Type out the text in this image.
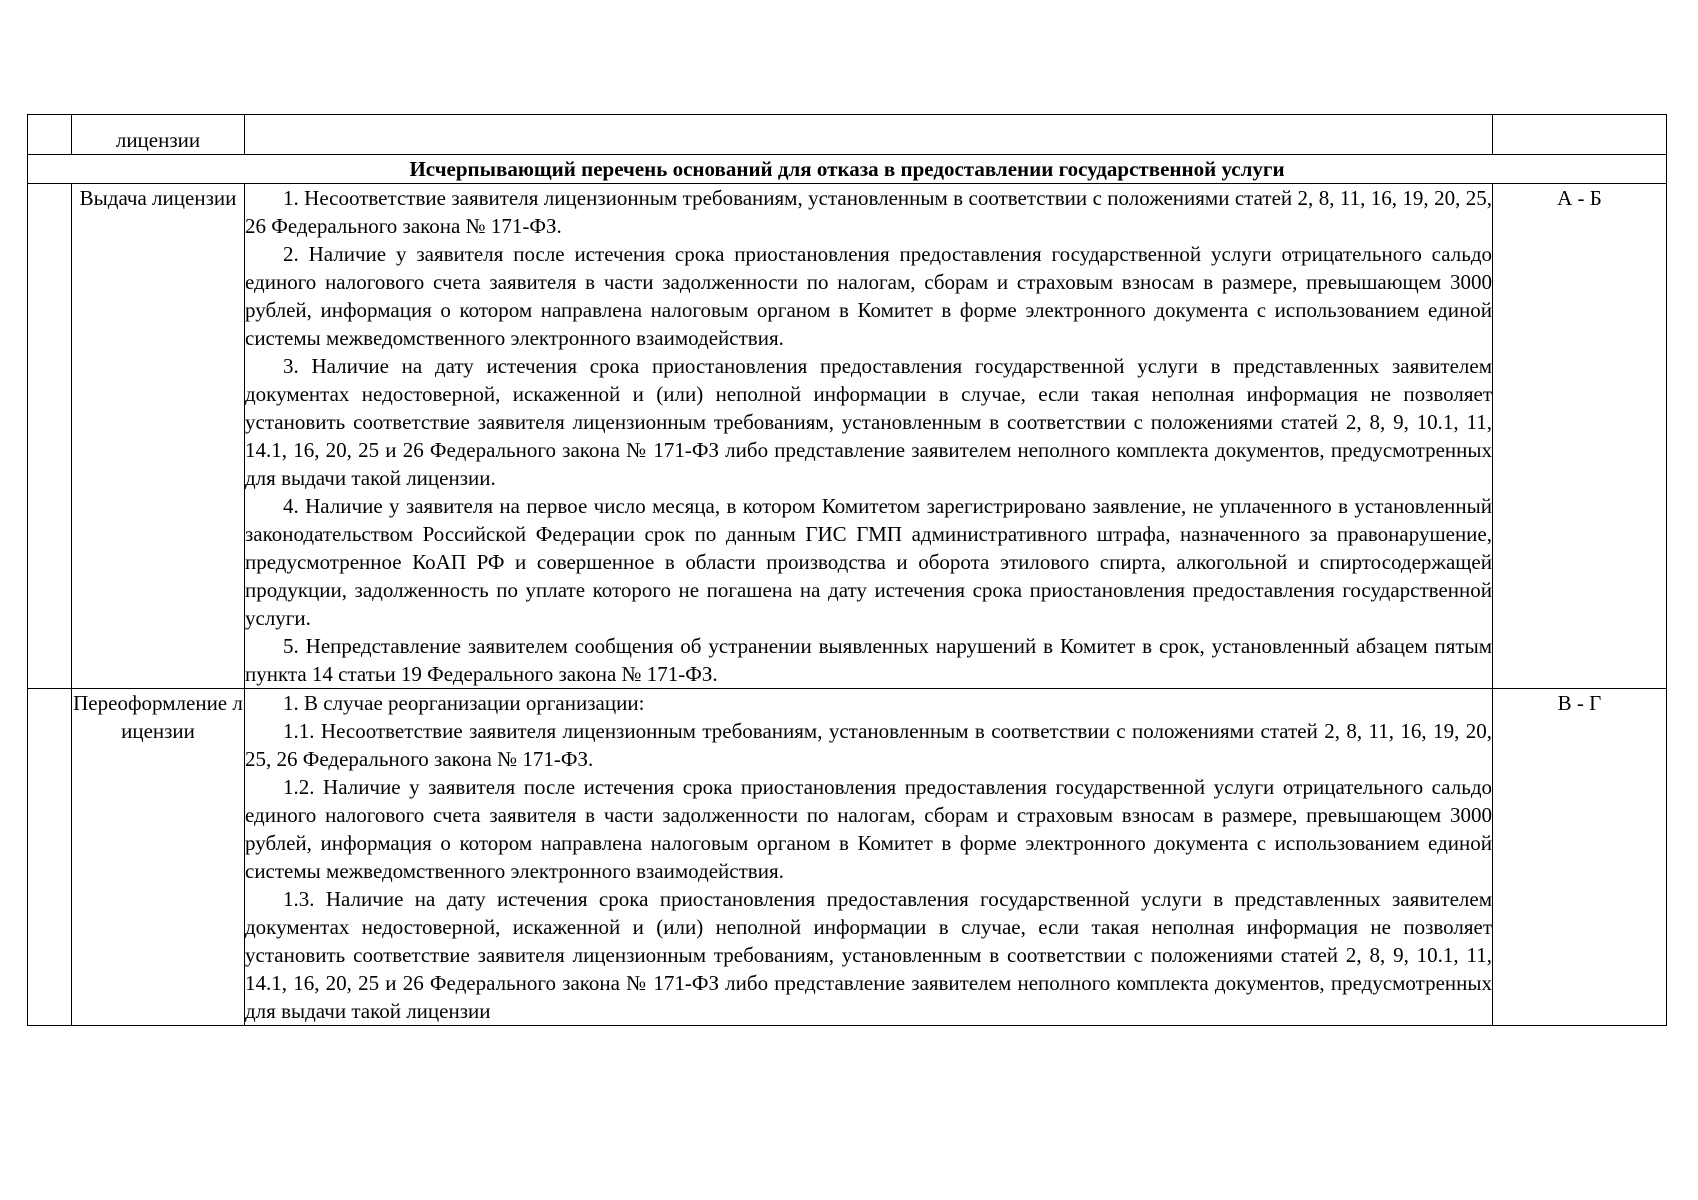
	лицензии		
Исчерпывающий перечень оснований для отказа в предоставлении государственной услуги			
	Выдача лицензии	1. Несоответствие заявителя лицензионным требованиям, установленным в соответствии с положениями статей 2, 8, 11, 16, 19, 20, 25, 26 Федерального закона № 171-ФЗ.

2. Наличие у заявителя после истечения срока приостановления предоставления государственной услуги отрицательного сальдо единого налогового счета заявителя в части задолженности по налогам, сборам и страховым взносам в размере, превышающем 3000 рублей, информация о котором направлена налоговым органом в Комитет в форме электронного документа с использованием единой системы межведомственного электронного взаимодействия.

3. Наличие на дату истечения срока приостановления предоставления государственной услуги в представленных заявителем документах недостоверной, искаженной и (или) неполной информации в случае, если такая неполная информация не позволяет установить соответствие заявителя лицензионным требованиям, установленным в соответствии с положениями статей 2, 8, 9, 10.1, 11, 14.1, 16, 20, 25 и 26 Федерального закона № 171-ФЗ либо представление заявителем неполного комплекта документов, предусмотренных для выдачи такой лицензии.

4. Наличие у заявителя на первое число месяца, в котором Комитетом зарегистрировано заявление, не уплаченного в установленный законодательством Российской Федерации срок по данным ГИС ГМП административного штрафа, назначенного за правонарушение, предусмотренное КоАП РФ и совершенное в области производства и оборота этилового спирта, алкогольной и спиртосодержащей продукции, задолженность по уплате которого не погашена на дату истечения срока приостановления предоставления государственной услуги.

5. Непредставление заявителем сообщения об устранении выявленных нарушений в Комитет в срок, установленный абзацем пятым пункта 14 статьи 19 Федерального закона № 171-ФЗ.	А - Б
	Переоформление лицензии	1. В случае реорганизации организации:

1.1. Несоответствие заявителя лицензионным требованиям, установленным в соответствии с положениями статей 2, 8, 11, 16, 19, 20, 25, 26 Федерального закона № 171-ФЗ.

1.2. Наличие у заявителя после истечения срока приостановления предоставления государственной услуги отрицательного сальдо единого налогового счета заявителя в части задолженности по налогам, сборам и страховым взносам в размере, превышающем 3000 рублей, информация о котором направлена налоговым органом в Комитет в форме электронного документа с использованием единой системы межведомственного электронного взаимодействия.

1.3. Наличие на дату истечения срока приостановления предоставления государственной услуги в представленных заявителем документах недостоверной, искаженной и (или) неполной информации в случае, если такая неполная информация не позволяет установить соответствие заявителя лицензионным требованиям, установленным в соответствии с положениями статей 2, 8, 9, 10.1, 11, 14.1, 16, 20, 25 и 26 Федерального закона № 171-ФЗ либо представление заявителем неполного комплекта документов, предусмотренных для выдачи такой лицензии	В - Г
